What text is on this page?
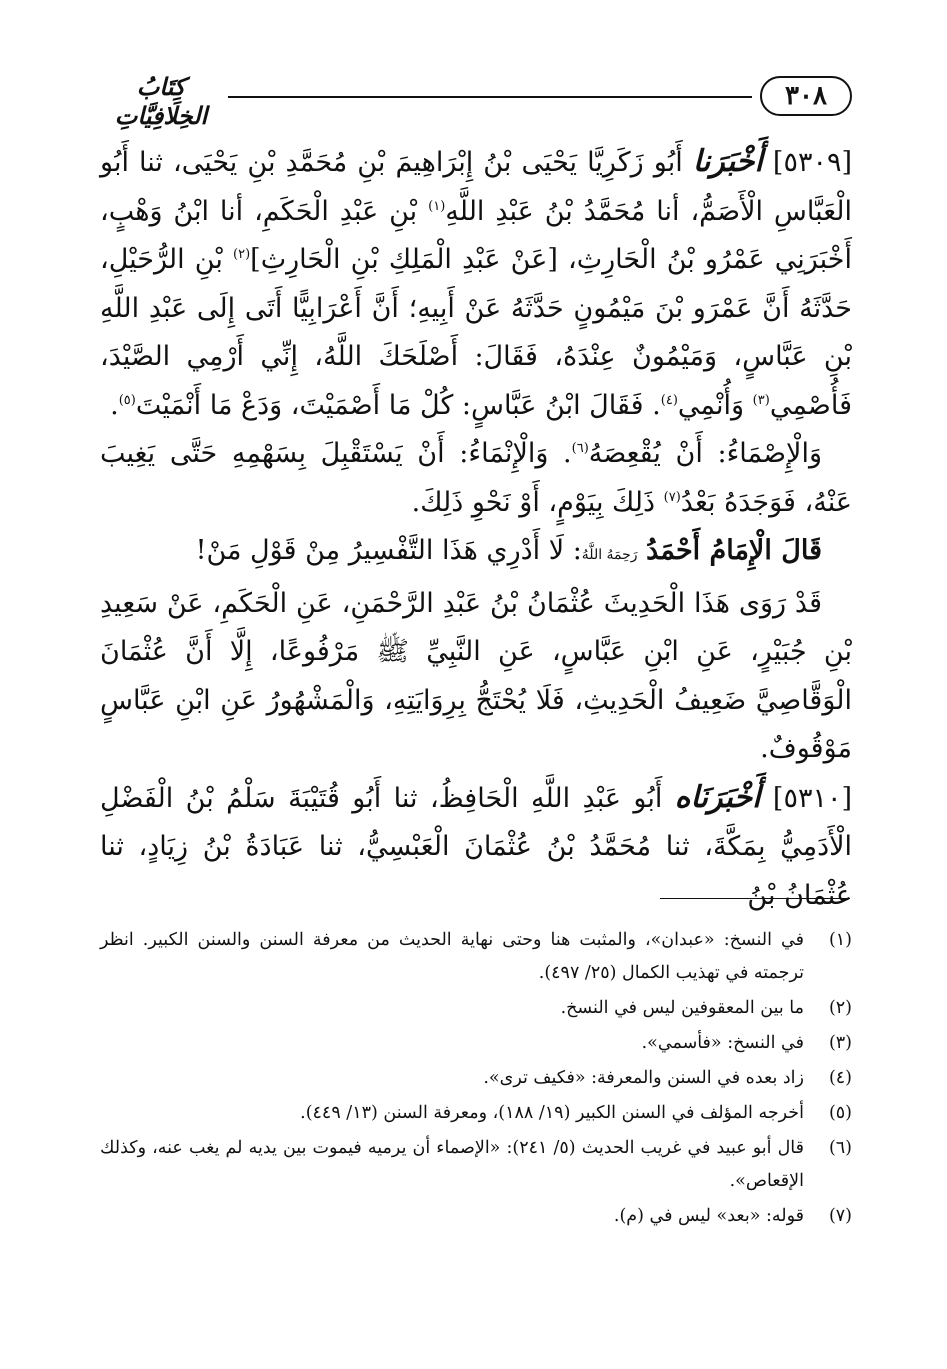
٣٠٨
كِتَابُ الخِلَافِيَّاتِ

[٥٣٠٩] أَخْبَرَنا أَبُو زَكَرِيَّا يَحْيَى بْنُ إِبْرَاهِيمَ بْنِ مُحَمَّدِ بْنِ يَحْيَى، ثنا أَبُو الْعَبَّاسِ الْأَصَمُّ، أنا مُحَمَّدُ بْنُ عَبْدِ اللَّهِ$^{(١)}$ بْنِ عَبْدِ الْحَكَمِ، أنا ابْنُ وَهْبٍ، أَخْبَرَنِي عَمْرُو بْنُ الْحَارِثِ، [عَنْ عَبْدِ الْمَلِكِ بْنِ الْحَارِثِ]$^{(٢)}$ بْنِ الرُّحَيْلِ، حَدَّثَهُ أَنَّ عَمْرَو بْنَ مَيْمُونٍ حَدَّثَهُ عَنْ أَبِيهِ؛ أَنَّ أَعْرَابِيًّا أَتَى إِلَى عَبْدِ اللَّهِ بْنِ عَبَّاسٍ، وَمَيْمُونٌ عِنْدَهُ، فَقَالَ: أَصْلَحَكَ اللَّهُ، إِنِّي أَرْمِي الصَّيْدَ، فَأُصْمِي$^{(٣)}$ وَأُنْمِي$^{(٤)}$. فَقَالَ ابْنُ عَبَّاسٍ: كُلْ مَا أَصْمَيْتَ، وَدَعْ مَا أَنْمَيْتَ$^{(٥)}$.

وَالْإِصْمَاءُ: أَنْ يُقْعِصَهُ$^{(٦)}$. وَالْإِنْمَاءُ: أَنْ يَسْتَقْبِلَ بِسَهْمِهِ حَتَّى يَغِيبَ عَنْهُ، فَوَجَدَهُ بَعْدُ$^{(٧)}$ ذَلِكَ بِيَوْمٍ، أَوْ نَحْوِ ذَلِكَ.

قَالَ الْإِمَامُ أَحْمَدُ رَحِمَهُ اللَّهُ: لَا أَدْرِي هَذَا التَّفْسِيرُ مِنْ قَوْلِ مَنْ!

قَدْ رَوَى هَذَا الْحَدِيثَ عُثْمَانُ بْنُ عَبْدِ الرَّحْمَنِ، عَنِ الْحَكَمِ، عَنْ سَعِيدِ بْنِ جُبَيْرٍ، عَنِ ابْنِ عَبَّاسٍ، عَنِ النَّبِيِّ ﷺ مَرْفُوعًا، إِلَّا أَنَّ عُثْمَانَ الْوَقَّاصِيَّ ضَعِيفُ الْحَدِيثِ، فَلَا يُحْتَجُّ بِرِوَايَتِهِ، وَالْمَشْهُورُ عَنِ ابْنِ عَبَّاسٍ مَوْقُوفٌ.

[٥٣١٠] أَخْبَرَنَاه أَبُو عَبْدِ اللَّهِ الْحَافِظُ، ثنا أَبُو قُتَيْبَةَ سَلْمُ بْنُ الْفَضْلِ الْأَدَمِيُّ بِمَكَّةَ، ثنا مُحَمَّدُ بْنُ عُثْمَانَ الْعَبْسِيُّ، ثنا عَبَادَةُ بْنُ زِيَادٍ، ثنا عُثْمَانُ بْنُ

(١)
في النسخ: «عبدان»، والمثبت هنا وحتى نهاية الحديث من معرفة السنن والسنن الكبير. انظر ترجمته في تهذيب الكمال (٢٥/ ٤٩٧).
(٢)
ما بين المعقوفين ليس في النسخ.
(٣)
في النسخ: «فأسمي».
(٤)
زاد بعده في السنن والمعرفة: «فكيف ترى».
(٥)
أخرجه المؤلف في السنن الكبير (١٩/ ١٨٨)، ومعرفة السنن (١٣/ ٤٤٩).
(٦)
قال أبو عبيد في غريب الحديث (٥/ ٢٤١): «الإصماء أن يرميه فيموت بين يديه لم يغب عنه، وكذلك الإقعاص».
(٧)
قوله: «بعد» ليس في (م).
